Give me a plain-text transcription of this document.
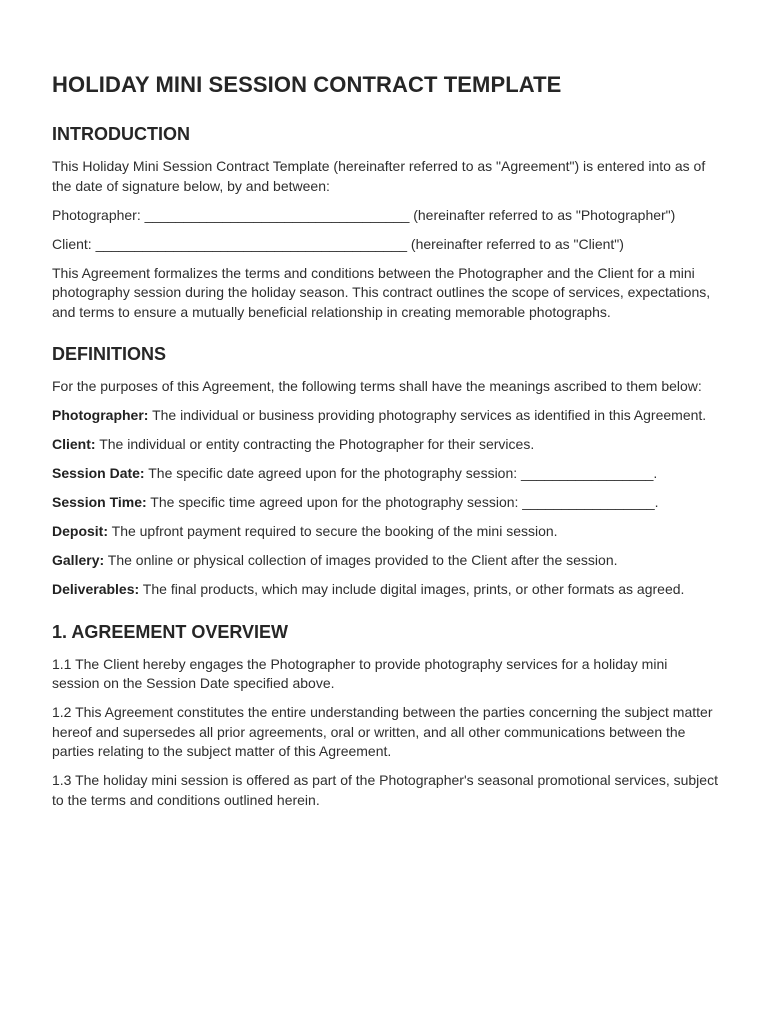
HOLIDAY MINI SESSION CONTRACT TEMPLATE
INTRODUCTION

This Holiday Mini Session Contract Template (hereinafter referred to as "Agreement") is entered into as of the date of signature below, by and between:

Photographer: __________________________________ (hereinafter referred to as "Photographer")

Client: ________________________________________ (hereinafter referred to as "Client")

This Agreement formalizes the terms and conditions between the Photographer and the Client for a mini photography session during the holiday season. This contract outlines the scope of services, expectations, and terms to ensure a mutually beneficial relationship in creating memorable photographs.

DEFINITIONS

For the purposes of this Agreement, the following terms shall have the meanings ascribed to them below:

Photographer: The individual or business providing photography services as identified in this Agreement.

Client: The individual or entity contracting the Photographer for their services.

Session Date: The specific date agreed upon for the photography session: _________________.

Session Time: The specific time agreed upon for the photography session: _________________.

Deposit: The upfront payment required to secure the booking of the mini session.

Gallery: The online or physical collection of images provided to the Client after the session.

Deliverables: The final products, which may include digital images, prints, or other formats as agreed.

1. AGREEMENT OVERVIEW

1.1 The Client hereby engages the Photographer to provide photography services for a holiday mini session on the Session Date specified above.

1.2 This Agreement constitutes the entire understanding between the parties concerning the subject matter hereof and supersedes all prior agreements, oral or written, and all other communications between the parties relating to the subject matter of this Agreement.

1.3 The holiday mini session is offered as part of the Photographer's seasonal promotional services, subject to the terms and conditions outlined herein.
